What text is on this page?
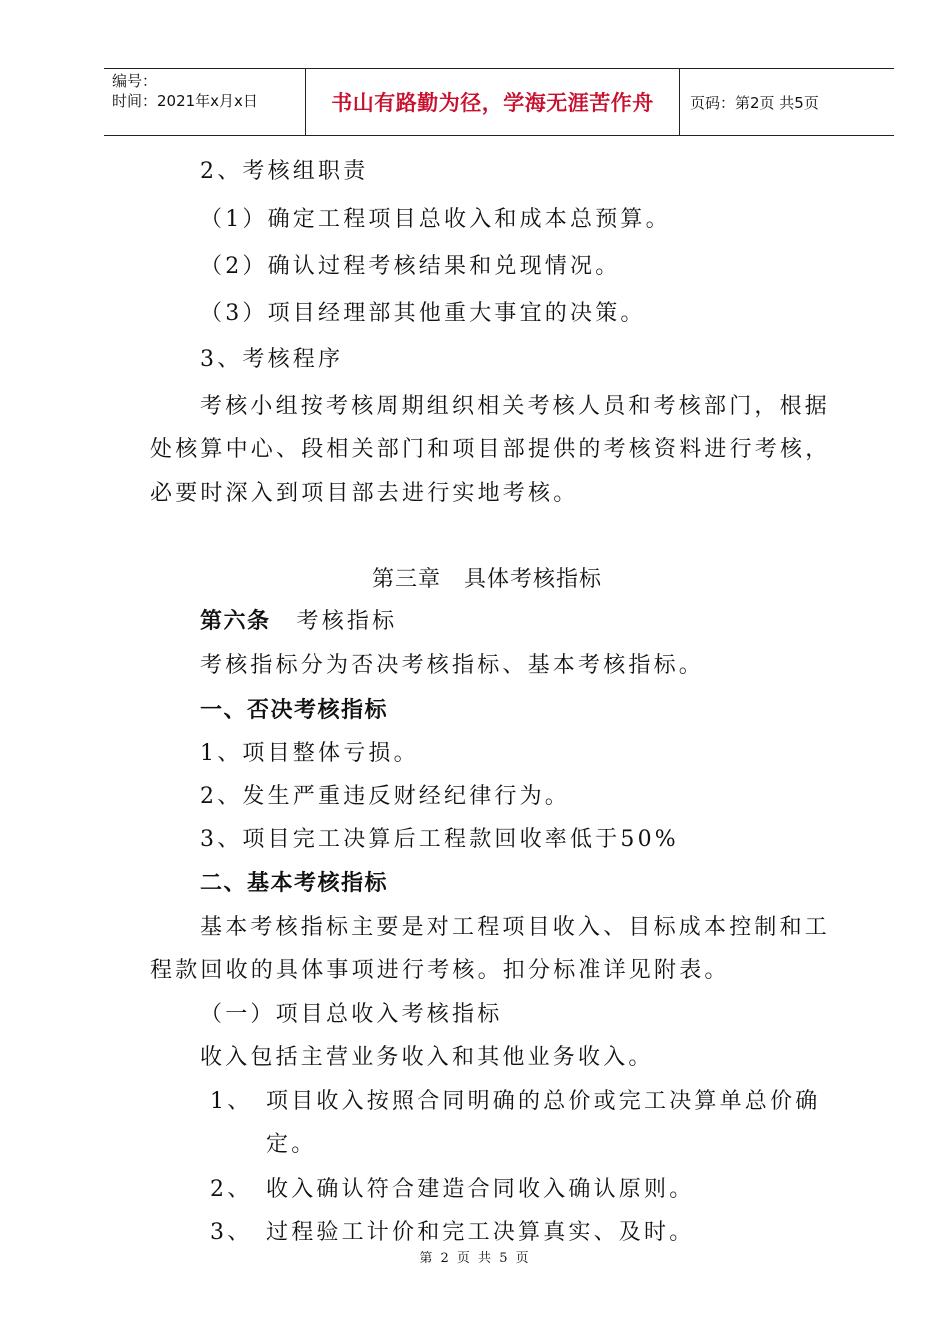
编号：
时间：2021年x月x日	书山有路勤为径，学海无涯苦作舟	页码：第2页 共5页
2、考核组职责
（1）确定工程项目总收入和成本总预算。
（2）确认过程考核结果和兑现情况。
（3）项目经理部其他重大事宜的决策。
3、考核程序
考核小组按考核周期组织相关考核人员和考核部门，根据
处核算中心、段相关部门和项目部提供的考核资料进行考核，
必要时深入到项目部去进行实地考核。
第三章　具体考核指标
第六条 考核指标
考核指标分为否决考核指标、基本考核指标。
一、否决考核指标
1、项目整体亏损。
2、发生严重违反财经纪律行为。
3、项目完工决算后工程款回收率低于50%
二、基本考核指标
基本考核指标主要是对工程项目收入、目标成本控制和工
程款回收的具体事项进行考核。扣分标准详见附表。
（一）项目总收入考核指标
收入包括主营业务收入和其他业务收入。
1、 项目收入按照合同明确的总价或完工决算单总价确
定。
2、 收入确认符合建造合同收入确认原则。
3、 过程验工计价和完工决算真实、及时。
第 2 页 共 5 页
